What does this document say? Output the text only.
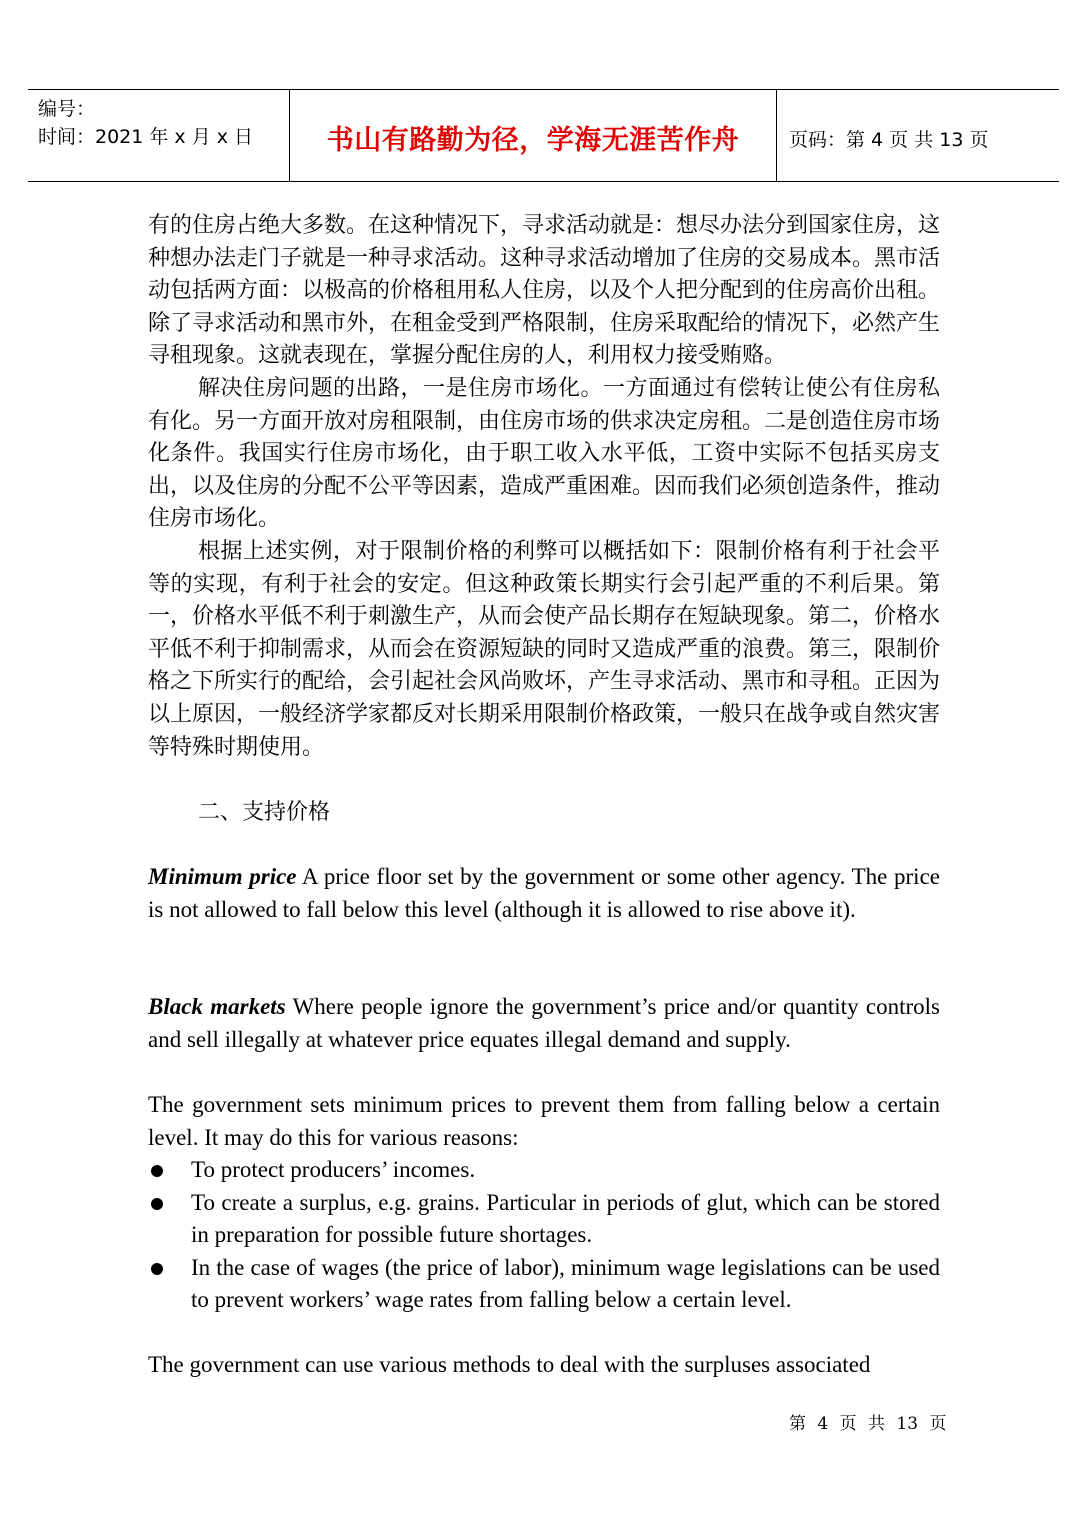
编号：
时间：2021 年 x 月 x 日	书山有路勤为径，学海无涯苦作舟	页码：第 4 页 共 13 页

有的住房占绝大多数。在这种情况下，寻求活动就是：想尽办法分到国家住房，这种想办法走门子就是一种寻求活动。这种寻求活动增加了住房的交易成本。黑市活动包括两方面：以极高的价格租用私人住房，以及个人把分配到的住房高价出租。除了寻求活动和黑市外，在租金受到严格限制，住房采取配给的情况下，必然产生寻租现象。这就表现在，掌握分配住房的人，利用权力接受贿赂。

解决住房问题的出路，一是住房市场化。一方面通过有偿转让使公有住房私有化。另一方面开放对房租限制，由住房市场的供求决定房租。二是创造住房市场化条件。我国实行住房市场化，由于职工收入水平低，工资中实际不包括买房支出，以及住房的分配不公平等因素，造成严重困难。因而我们必须创造条件，推动住房市场化。

根据上述实例，对于限制价格的利弊可以概括如下：限制价格有利于社会平等的实现，有利于社会的安定。但这种政策长期实行会引起严重的不利后果。第一，价格水平低不利于刺激生产，从而会使产品长期存在短缺现象。第二，价格水平低不利于抑制需求，从而会在资源短缺的同时又造成严重的浪费。第三，限制价格之下所实行的配给，会引起社会风尚败坏，产生寻求活动、黑市和寻租。正因为以上原因，一般经济学家都反对长期采用限制价格政策，一般只在战争或自然灾害等特殊时期使用。

二、支持价格
Minimum price A price floor set by the government or some other agency. The price is not allowed to fall below this level (although it is allowed to rise above it).
Black markets Where people ignore the government’s price and/or quantity controls and sell illegally at whatever price equates illegal demand and supply.
The government sets minimum prices to prevent them from falling below a certain level. It may do this for various reasons:
To protect producers’ incomes.
To create a surplus, e.g. grains. Particular in periods of glut, which can be stored in preparation for possible future shortages.
In the case of wages (the price of labor), minimum wage legislations can be used to prevent workers’ wage rates from falling below a certain level.
The government can use various methods to deal with the surpluses associated
第 4 页 共 13 页
